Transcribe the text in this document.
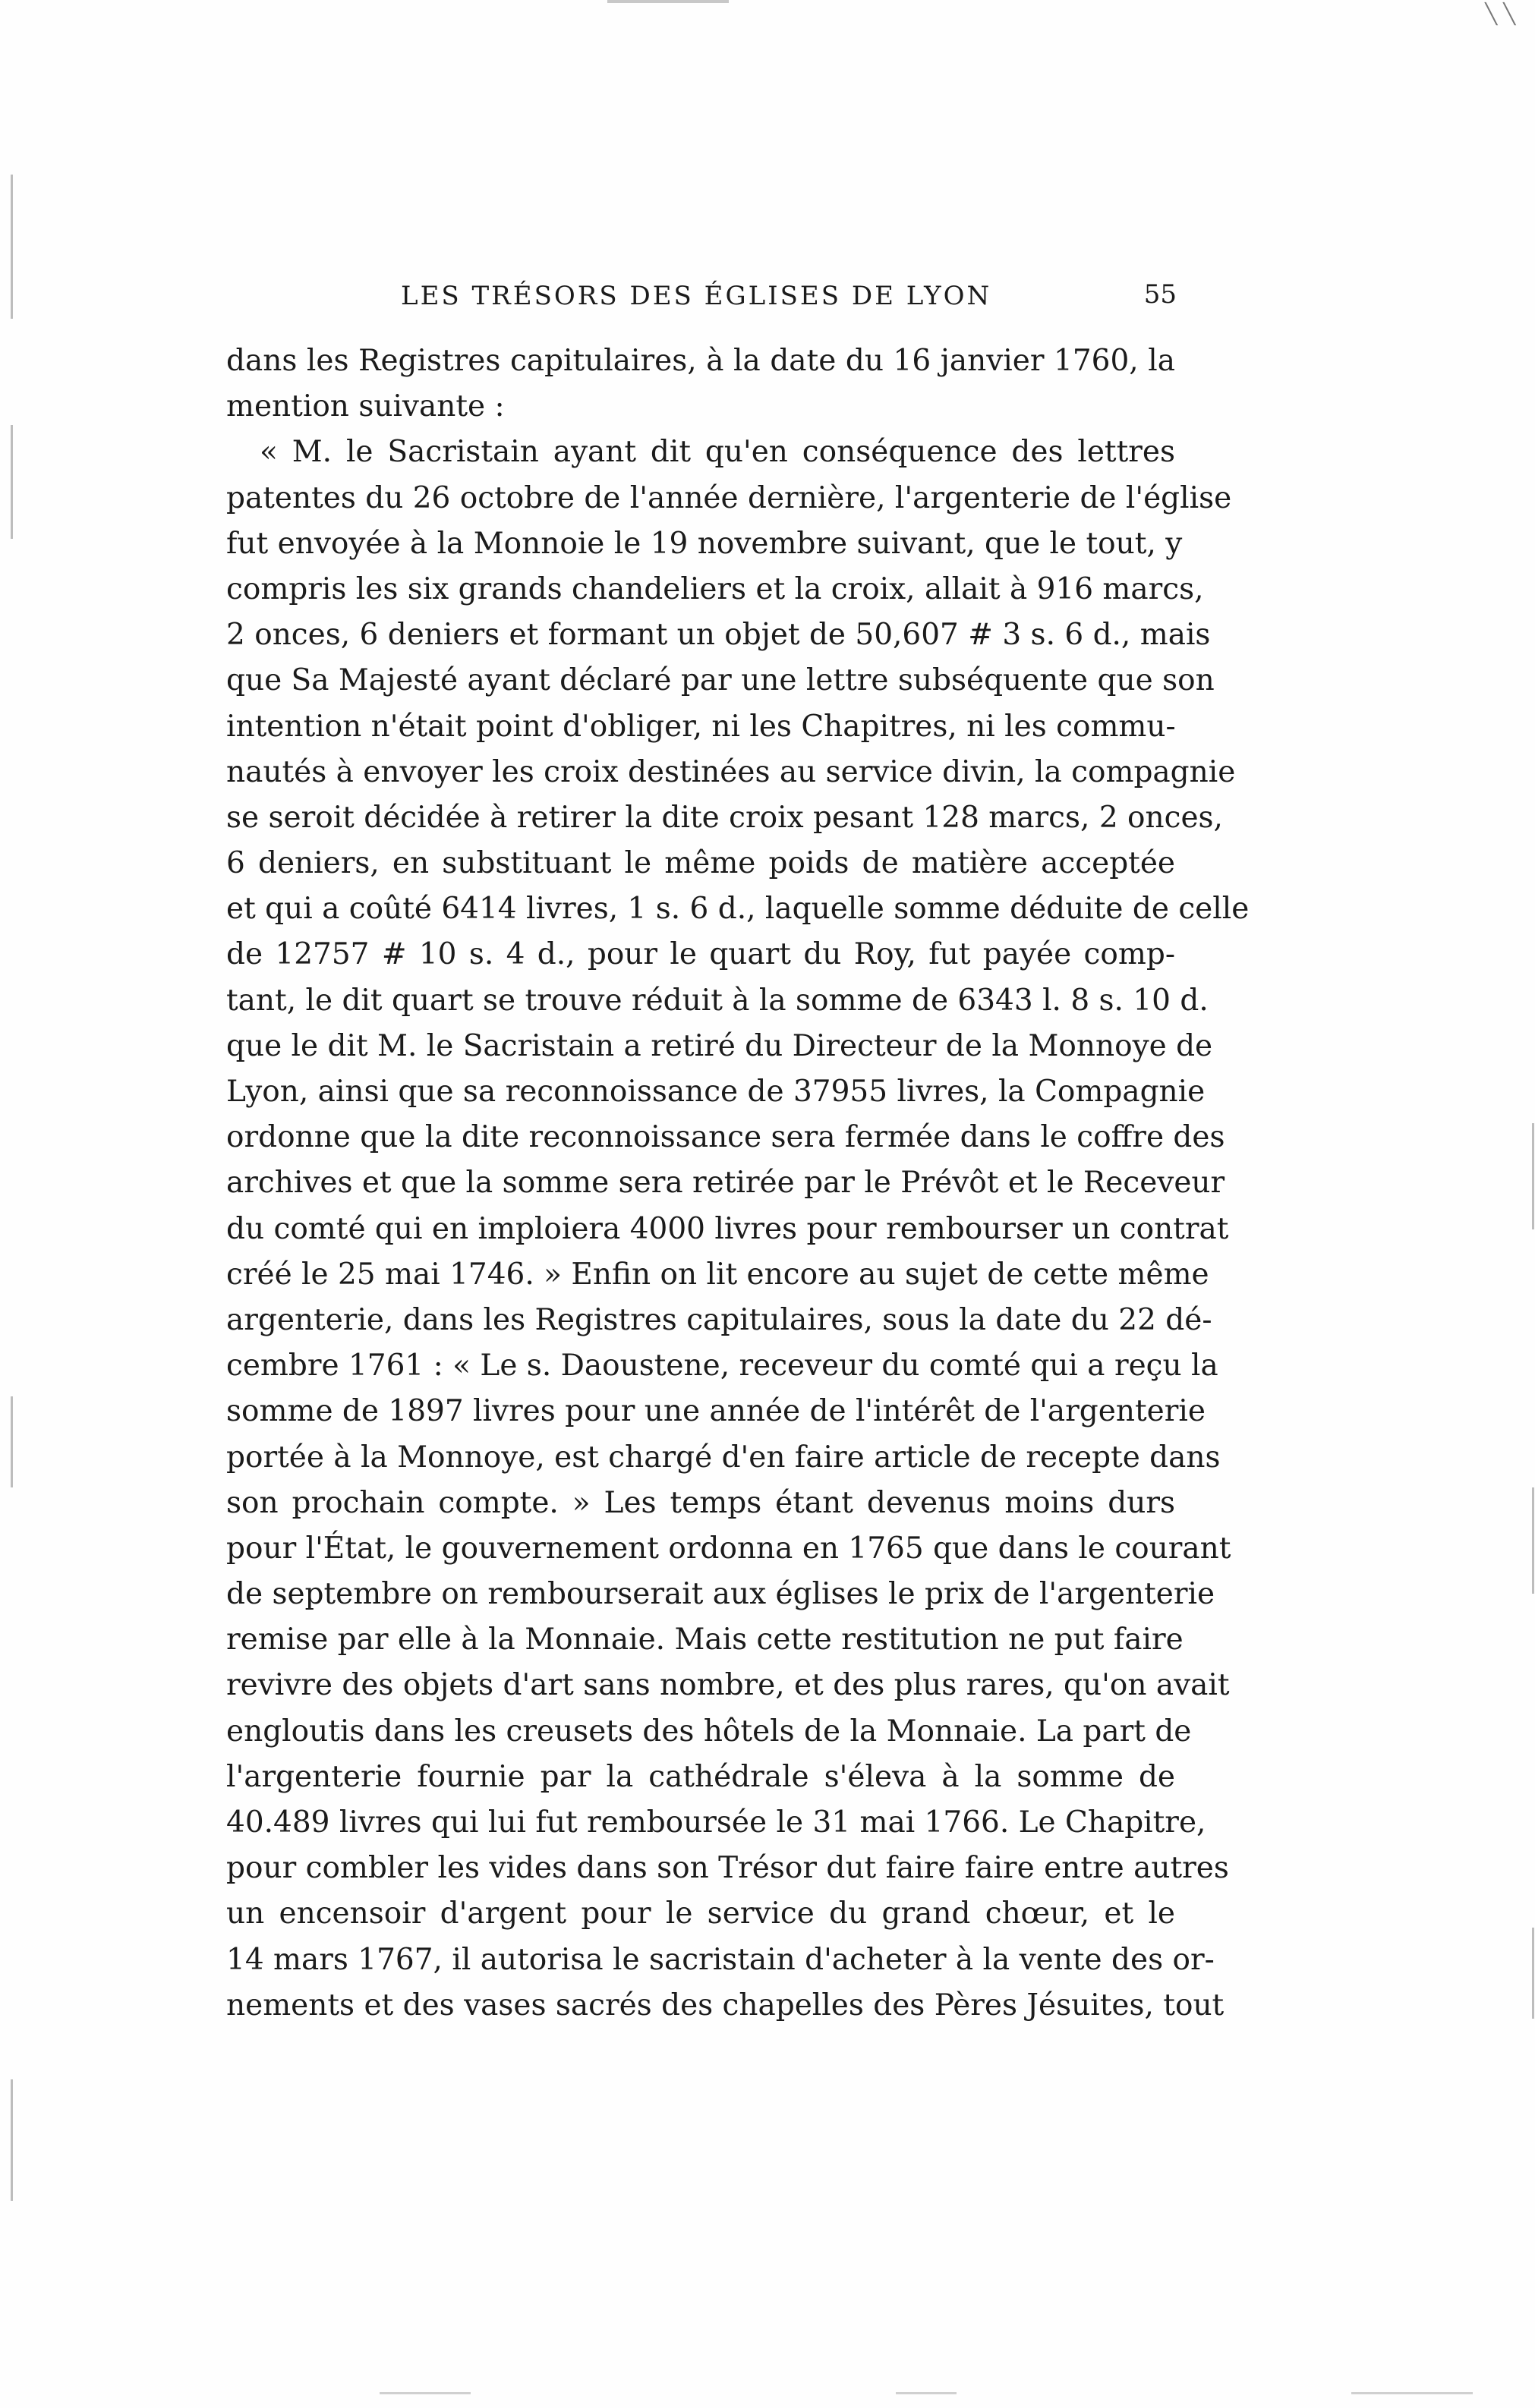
╲ ╲
LES TRÉSORS DES ÉGLISES DE LYON	55
dans les Registres capitulaires, à la date du 16 janvier 1760, la
mention suivante :
« M. le Sacristain ayant dit qu'en conséquence des lettres
patentes du 26 octobre de l'année dernière, l'argenterie de l'église
fut envoyée à la Monnoie le 19 novembre suivant, que le tout, y
compris les six grands chandeliers et la croix, allait à 916 marcs,
2 onces, 6 deniers et formant un objet de 50,607 # 3 s. 6 d., mais
que Sa Majesté ayant déclaré par une lettre subséquente que son
intention n'était point d'obliger, ni les Chapitres, ni les commu-
nautés à envoyer les croix destinées au service divin, la compagnie
se seroit décidée à retirer la dite croix pesant 128 marcs, 2 onces,
6 deniers, en substituant le même poids de matière acceptée
et qui a coûté 6414 livres, 1 s. 6 d., laquelle somme déduite de celle
de 12757 # 10 s. 4 d., pour le quart du Roy, fut payée comp-
tant, le dit quart se trouve réduit à la somme de 6343 l. 8 s. 10 d.
que le dit M. le Sacristain a retiré du Directeur de la Monnoye de
Lyon, ainsi que sa reconnoissance de 37955 livres, la Compagnie
ordonne que la dite reconnoissance sera fermée dans le coffre des
archives et que la somme sera retirée par le Prévôt et le Receveur
du comté qui en imploiera 4000 livres pour rembourser un contrat
créé le 25 mai 1746. » Enfin on lit encore au sujet de cette même
argenterie, dans les Registres capitulaires, sous la date du 22 dé-
cembre 1761 : « Le s. Daoustene, receveur du comté qui a reçu la
somme de 1897 livres pour une année de l'intérêt de l'argenterie
portée à la Monnoye, est chargé d'en faire article de recepte dans
son prochain compte. » Les temps étant devenus moins durs
pour l'État, le gouvernement ordonna en 1765 que dans le courant
de septembre on rembourserait aux églises le prix de l'argenterie
remise par elle à la Monnaie. Mais cette restitution ne put faire
revivre des objets d'art sans nombre, et des plus rares, qu'on avait
engloutis dans les creusets des hôtels de la Monnaie. La part de
l'argenterie fournie par la cathédrale s'éleva à la somme de
40.489 livres qui lui fut remboursée le 31 mai 1766. Le Chapitre,
pour combler les vides dans son Trésor dut faire faire entre autres
un encensoir d'argent pour le service du grand chœur, et le
14 mars 1767, il autorisa le sacristain d'acheter à la vente des or-
nements et des vases sacrés des chapelles des Pères Jésuites, tout
